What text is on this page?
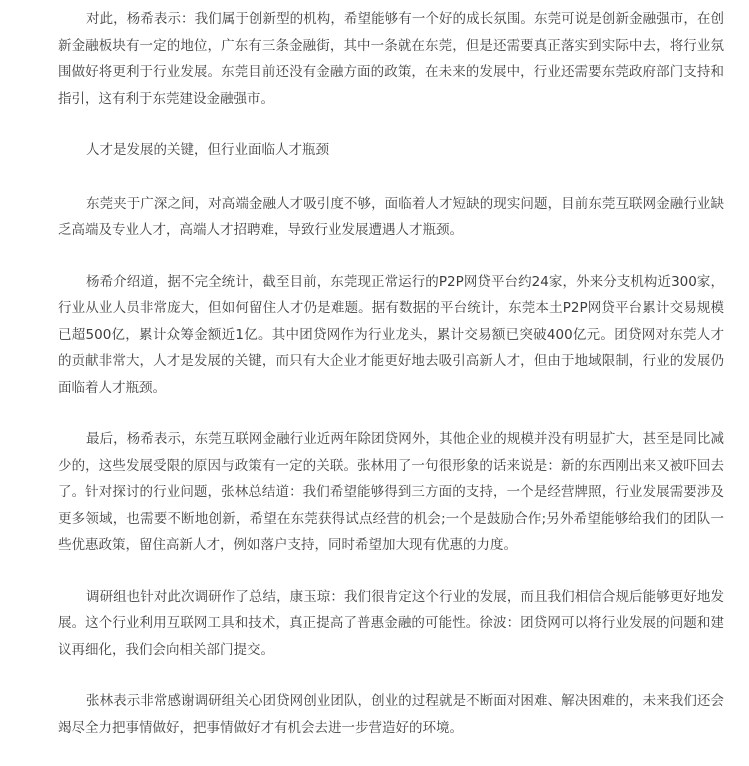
对此，杨希表示：我们属于创新型的机构，希望能够有一个好的成长氛围。东莞可说是创新金融强市，在创新金融板块有一定的地位，广东有三条金融街，其中一条就在东莞，但是还需要真正落实到实际中去，将行业氛围做好将更利于行业发展。东莞目前还没有金融方面的政策，在未来的发展中，行业还需要东莞政府部门支持和指引，这有利于东莞建设金融强市。

人才是发展的关键，但行业面临人才瓶颈

东莞夹于广深之间，对高端金融人才吸引度不够，面临着人才短缺的现实问题，目前东莞互联网金融行业缺乏高端及专业人才，高端人才招聘难，导致行业发展遭遇人才瓶颈。

杨希介绍道，据不完全统计，截至目前，东莞现正常运行的P2P网贷平台约24家，外来分支机构近300家，行业从业人员非常庞大，但如何留住人才仍是难题。据有数据的平台统计，东莞本土P2P网贷平台累计交易规模已超500亿，累计众筹金额近1亿。其中团贷网作为行业龙头，累计交易额已突破400亿元。团贷网对东莞人才的贡献非常大，人才是发展的关键，而只有大企业才能更好地去吸引高新人才，但由于地域限制，行业的发展仍面临着人才瓶颈。

最后，杨希表示，东莞互联网金融行业近两年除团贷网外，其他企业的规模并没有明显扩大，甚至是同比减少的，这些发展受限的原因与政策有一定的关联。张林用了一句很形象的话来说是：新的东西刚出来又被吓回去了。针对探讨的行业问题，张林总结道：我们希望能够得到三方面的支持，一个是经营牌照，行业发展需要涉及更多领域，也需要不断地创新，希望在东莞获得试点经营的机会;一个是鼓励合作;另外希望能够给我们的团队一些优惠政策，留住高新人才，例如落户支持，同时希望加大现有优惠的力度。

调研组也针对此次调研作了总结，康玉琼：我们很肯定这个行业的发展，而且我们相信合规后能够更好地发展。这个行业利用互联网工具和技术，真正提高了普惠金融的可能性。徐波：团贷网可以将行业发展的问题和建议再细化，我们会向相关部门提交。

张林表示非常感谢调研组关心团贷网创业团队，创业的过程就是不断面对困难、解决困难的，未来我们还会竭尽全力把事情做好，把事情做好才有机会去进一步营造好的环境。
